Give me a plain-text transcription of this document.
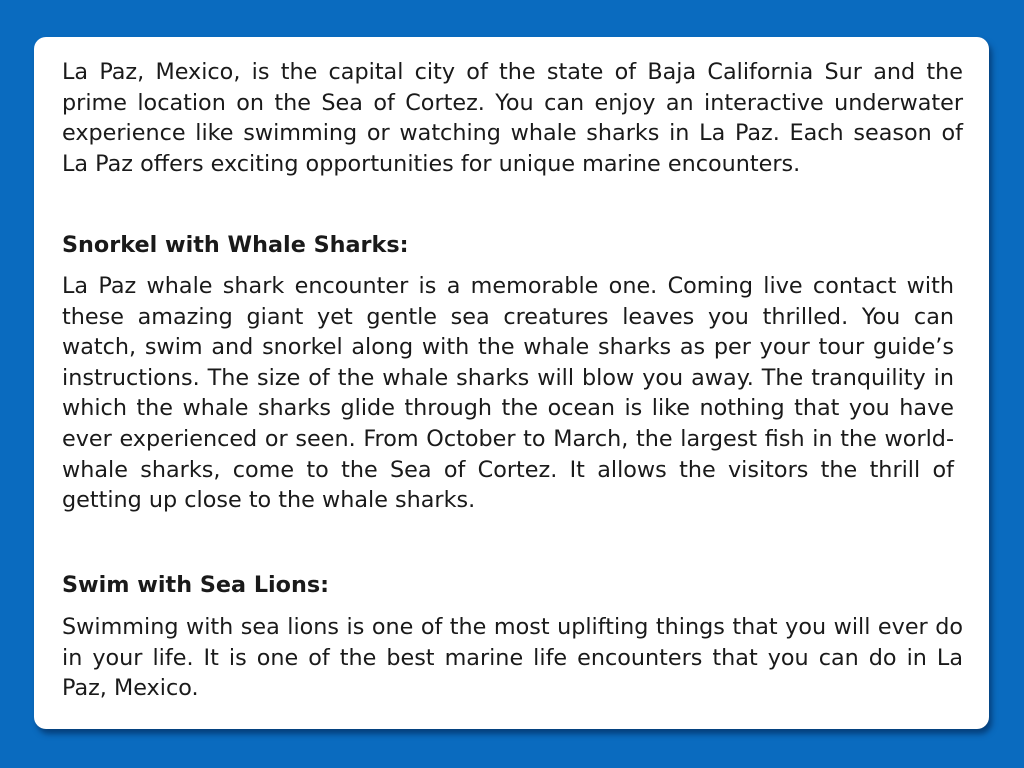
La Paz, Mexico, is the capital city of the state of Baja California Sur and the prime location on the Sea of Cortez. You can enjoy an interactive underwater experience like swimming or watching whale sharks in La Paz. Each season of La Paz offers exciting opportunities for unique marine encounters.

Snorkel with Whale Sharks:

La Paz whale shark encounter is a memorable one. Coming live contact with these amazing giant yet gentle sea creatures leaves you thrilled. You can watch, swim and snorkel along with the whale sharks as per your tour guide’s instructions. The size of the whale sharks will blow you away. The tranquility in which the whale sharks glide through the ocean is like nothing that you have ever experienced or seen. From October to March, the largest fish in the world- whale sharks, come to the Sea of Cortez. It allows the visitors the thrill of getting up close to the whale sharks.

Swim with Sea Lions:

Swimming with sea lions is one of the most uplifting things that you will ever do in your life. It is one of the best marine life encounters that you can do in La Paz, Mexico.
